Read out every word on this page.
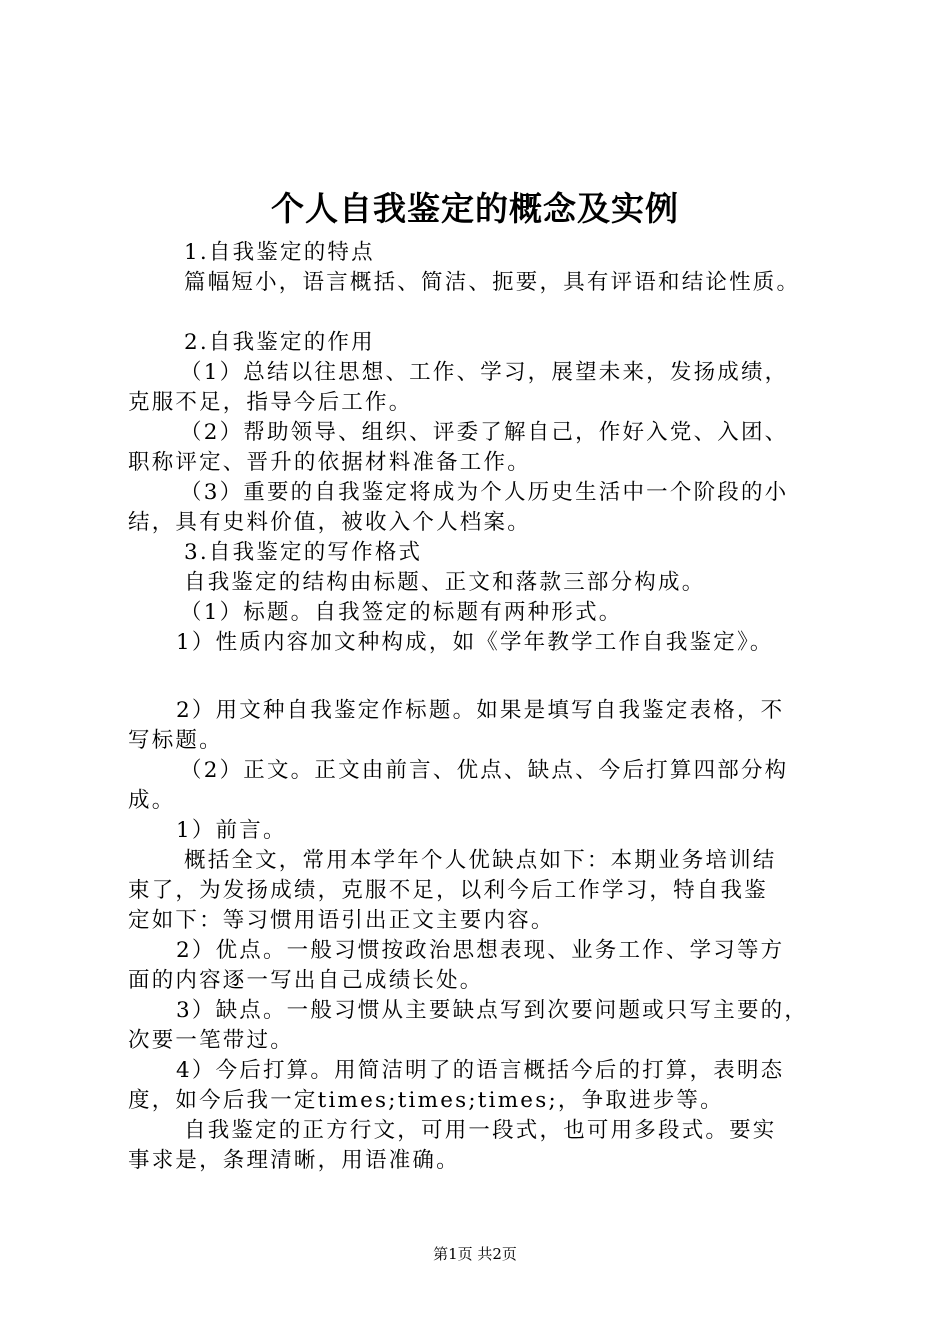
个人自我鉴定的概念及实例

1.自我鉴定的特点

篇幅短小，语言概括、简洁、扼要，具有评语和结论性质。

2.自我鉴定的作用

（1）总结以往思想、工作、学习，展望未来，发扬成绩，

克服不足，指导今后工作。

（2）帮助领导、组织、评委了解自己，作好入党、入团、

职称评定、晋升的依据材料准备工作。

（3）重要的自我鉴定将成为个人历史生活中一个阶段的小

结，具有史料价值，被收入个人档案。

3.自我鉴定的写作格式

自我鉴定的结构由标题、正文和落款三部分构成。

（1）标题。自我签定的标题有两种形式。

1）性质内容加文种构成，如《学年教学工作自我鉴定》。

2）用文种自我鉴定作标题。如果是填写自我鉴定表格，不

写标题。

（2）正文。正文由前言、优点、缺点、今后打算四部分构

成。

1）前言。

概括全文，常用本学年个人优缺点如下：本期业务培训结

束了，为发扬成绩，克服不足，以利今后工作学习，特自我鉴

定如下：等习惯用语引出正文主要内容。

2）优点。一般习惯按政治思想表现、业务工作、学习等方

面的内容逐一写出自己成绩长处。

3）缺点。一般习惯从主要缺点写到次要问题或只写主要的，

次要一笔带过。

4）今后打算。用简洁明了的语言概括今后的打算，表明态

度，如今后我一定times;times;times;，争取进步等。

自我鉴定的正方行文，可用一段式，也可用多段式。要实

事求是，条理清晰，用语准确。

第1页 共2页
